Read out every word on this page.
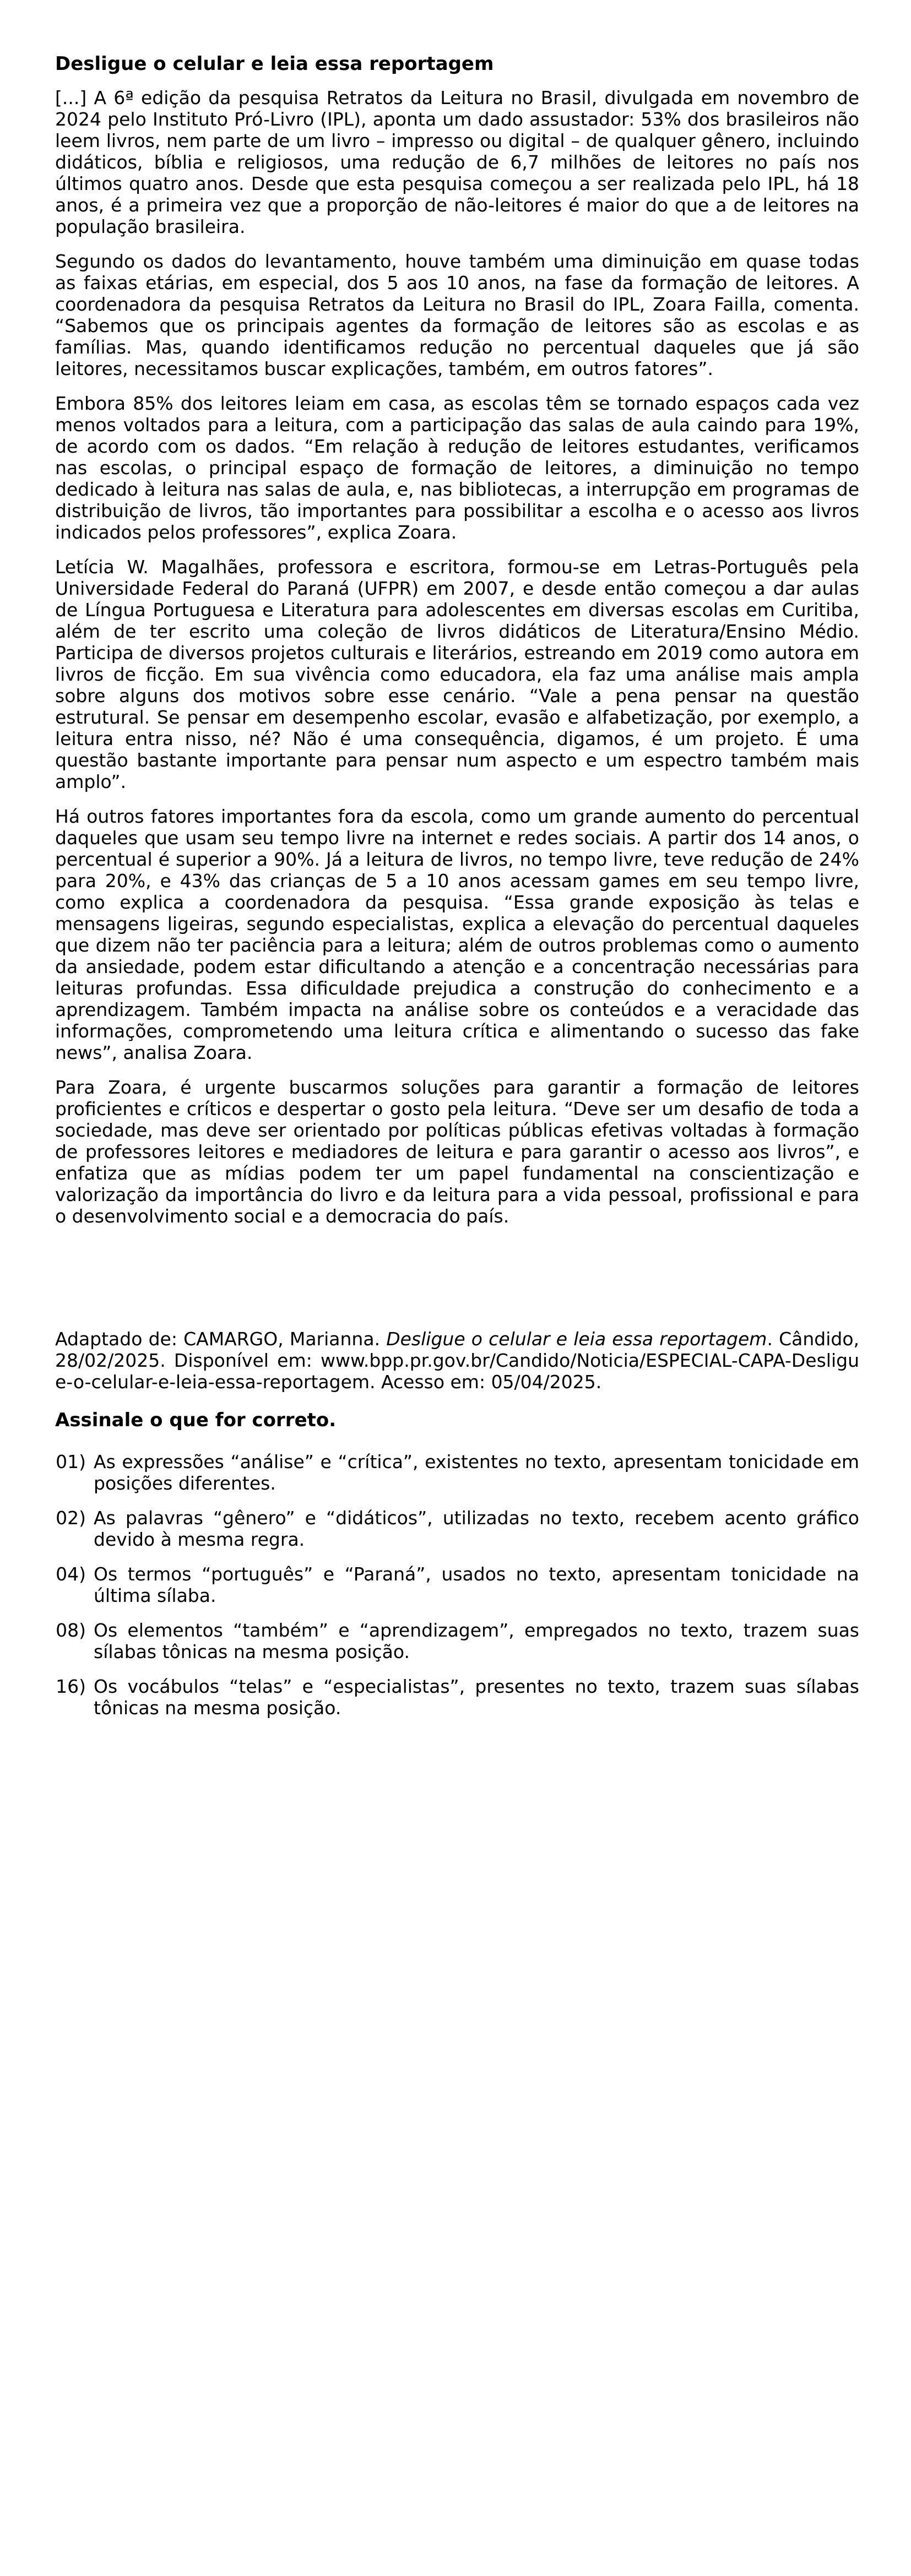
Desligue o celular e leia essa reportagem

[...] A 6ª edição da pesquisa Retratos da Leitura no Brasil, divulgada em novembro de 2024 pelo Instituto Pró-Livro (IPL), aponta um dado assustador: 53% dos brasileiros não leem livros, nem parte de um livro – impresso ou digital – de qualquer gênero, incluindo didáticos, bíblia e religiosos, uma redução de 6,7 milhões de leitores no país nos últimos quatro anos. Desde que esta pesquisa começou a ser realizada pelo IPL, há 18 anos, é a primeira vez que a proporção de não-leitores é maior do que a de leitores na população brasileira.

Segundo os dados do levantamento, houve também uma diminuição em quase todas as faixas etárias, em especial, dos 5 aos 10 anos, na fase da formação de leitores. A coordenadora da pesquisa Retratos da Leitura no Brasil do IPL, Zoara Failla, comenta. “Sabemos que os principais agentes da formação de leitores são as escolas e as famílias. Mas, quando identificamos redução no percentual daqueles que já são leitores, necessitamos buscar explicações, também, em outros fatores”.

Embora 85% dos leitores leiam em casa, as escolas têm se tornado espaços cada vez menos voltados para a leitura, com a participação das salas de aula caindo para 19%, de acordo com os dados. “Em relação à redução de leitores estudantes, verificamos nas escolas, o principal espaço de formação de leitores, a diminuição no tempo dedicado à leitura nas salas de aula, e, nas bibliotecas, a interrupção em programas de distribuição de livros, tão importantes para possibilitar a escolha e o acesso aos livros indicados pelos professores”, explica Zoara.

Letícia W. Magalhães, professora e escritora, formou-se em Letras-Português pela Universidade Federal do Paraná (UFPR) em 2007, e desde então começou a dar aulas de Língua Portuguesa e Literatura para adolescentes em diversas escolas em Curitiba, além de ter escrito uma coleção de livros didáticos de Literatura/Ensino Médio. Participa de diversos projetos culturais e literários, estreando em 2019 como autora em livros de ficção. Em sua vivência como educadora, ela faz uma análise mais ampla sobre alguns dos motivos sobre esse cenário. “Vale a pena pensar na questão estrutural. Se pensar em desempenho escolar, evasão e alfabetização, por exemplo, a leitura entra nisso, né? Não é uma consequência, digamos, é um projeto. É uma questão bastante importante para pensar num aspecto e um espectro também mais amplo”.

Há outros fatores importantes fora da escola, como um grande aumento do percentual daqueles que usam seu tempo livre na internet e redes sociais. A partir dos 14 anos, o percentual é superior a 90%. Já a leitura de livros, no tempo livre, teve redução de 24% para 20%, e 43% das crianças de 5 a 10 anos acessam games em seu tempo livre, como explica a coordenadora da pesquisa. “Essa grande exposição às telas e mensagens ligeiras, segundo especialistas, explica a elevação do percentual daqueles que dizem não ter paciência para a leitura; além de outros problemas como o aumento da ansiedade, podem estar dificultando a atenção e a concentração necessárias para leituras profundas. Essa dificuldade prejudica a construção do conhecimento e a aprendizagem. Também impacta na análise sobre os conteúdos e a veracidade das informações, comprometendo uma leitura crítica e alimentando o sucesso das fake news”, analisa Zoara.

Para Zoara, é urgente buscarmos soluções para garantir a formação de leitores proficientes e críticos e despertar o gosto pela leitura. “Deve ser um desafio de toda a sociedade, mas deve ser orientado por políticas públicas efetivas voltadas à formação de professores leitores e mediadores de leitura e para garantir o acesso aos livros”, e enfatiza que as mídias podem ter um papel fundamental na conscientização e valorização da importância do livro e da leitura para a vida pessoal, profissional e para o desenvolvimento social e a democracia do país.

Adaptado de: CAMARGO, Marianna. Desligue o celular e leia essa reportagem. Cândido, 28/02/2025. Disponível em: www.bpp.pr.gov.br/Candido/Noticia/ESPECIAL-CAPA-Desligue-o-celular-e-leia-essa-reportagem. Acesso em: 05/04/2025.

Assinale o que for correto.
01) As expressões “análise” e “crítica”, existentes no texto, apresentam tonicidade em posições diferentes.
02) As palavras “gênero” e “didáticos”, utilizadas no texto, recebem acento gráfico devido à mesma regra.
04) Os termos “português” e “Paraná”, usados no texto, apresentam tonicidade na última sílaba.
08) Os elementos “também” e “aprendizagem”, empregados no texto, trazem suas sílabas tônicas na mesma posição.
16) Os vocábulos “telas” e “especialistas”, presentes no texto, trazem suas sílabas tônicas na mesma posição.
